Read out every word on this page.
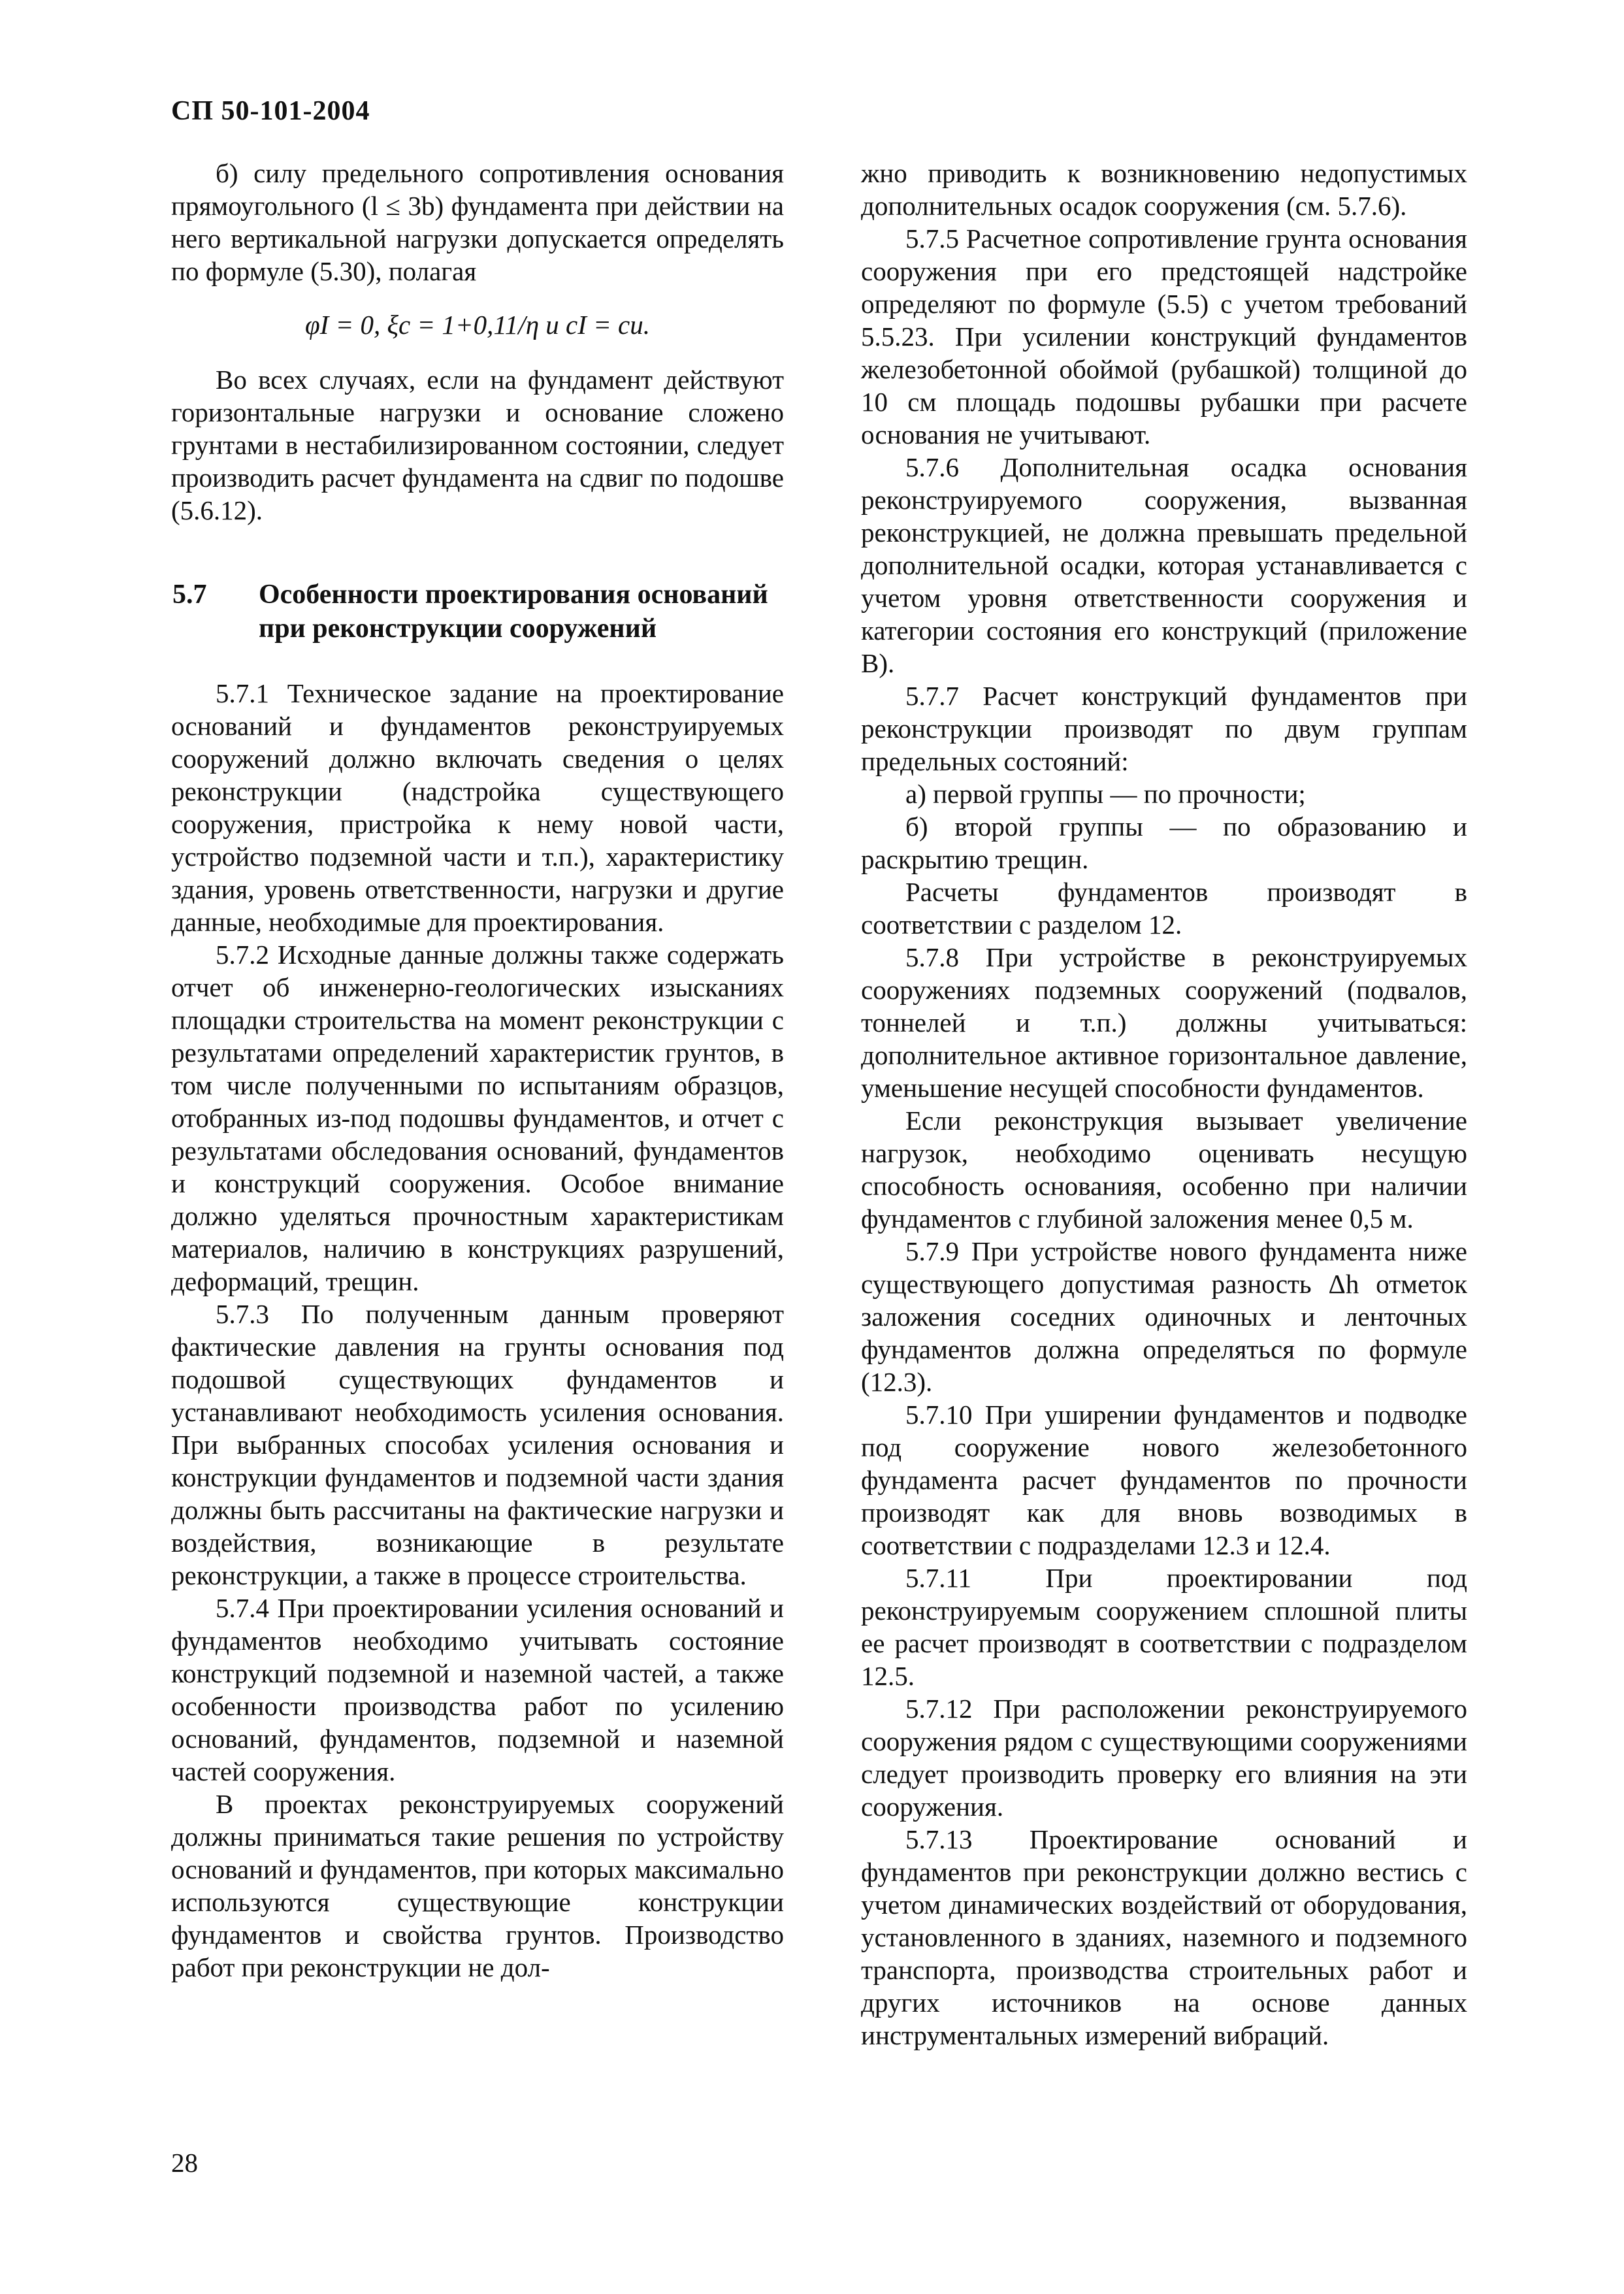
СП 50-101-2004

б) силу предельного сопротивления основания прямоугольного (l ≤ 3b) фундамента при действии на него вертикальной нагрузки допускается определять по формуле (5.30), полагая

φI = 0, ξc = 1+0,11/η и cI = cu.

Во всех случаях, если на фундамент действуют горизонтальные нагрузки и основание сложено грунтами в нестабилизированном состоянии, следует производить расчет фундамента на сдвиг по подошве (5.6.12).

5.7 Особенности проектирования оснований при реконструкции сооружений

5.7.1 Техническое задание на проектирование оснований и фундаментов реконструируемых сооружений должно включать сведения о целях реконструкции (надстройка существующего сооружения, пристройка к нему новой части, устройство подземной части и т.п.), характеристику здания, уровень ответственности, нагрузки и другие данные, необходимые для проектирования.

5.7.2 Исходные данные должны также содержать отчет об инженерно-геологических изысканиях площадки строительства на момент реконструкции с результатами определений характеристик грунтов, в том числе полученными по испытаниям образцов, отобранных из-под подошвы фундаментов, и отчет с результатами обследования оснований, фундаментов и конструкций сооружения. Особое внимание должно уделяться прочностным характеристикам материалов, наличию в конструкциях разрушений, деформаций, трещин.

5.7.3 По полученным данным проверяют фактические давления на грунты основания под подошвой существующих фундаментов и устанавливают необходимость усиления основания. При выбранных способах усиления основания и конструкции фундаментов и подземной части здания должны быть рассчитаны на фактические нагрузки и воздействия, возникающие в результате реконструкции, а также в процессе строительства.

5.7.4 При проектировании усиления оснований и фундаментов необходимо учитывать состояние конструкций подземной и наземной частей, а также особенности производства работ по усилению оснований, фундаментов, подземной и наземной частей сооружения.

В проектах реконструируемых сооружений должны приниматься такие решения по устройству оснований и фундаментов, при которых максимально используются существующие конструкции фундаментов и свойства грунтов. Производство работ при реконструкции не дол-

жно приводить к возникновению недопустимых дополнительных осадок сооружения (см. 5.7.6).

5.7.5 Расчетное сопротивление грунта основания сооружения при его предстоящей надстройке определяют по формуле (5.5) с учетом требований 5.5.23. При усилении конструкций фундаментов железобетонной обоймой (рубашкой) толщиной до 10 см площадь подошвы рубашки при расчете основания не учитывают.

5.7.6 Дополнительная осадка основания реконструируемого сооружения, вызванная реконструкцией, не должна превышать предельной дополнительной осадки, которая устанавливается с учетом уровня ответственности сооружения и категории состояния его конструкций (приложение В).

5.7.7 Расчет конструкций фундаментов при реконструкции производят по двум группам предельных состояний:

а) первой группы — по прочности;

б) второй группы — по образованию и раскрытию трещин.

Расчеты фундаментов производят в соответствии с разделом 12.

5.7.8 При устройстве в реконструируемых сооружениях подземных сооружений (подвалов, тоннелей и т.п.) должны учитываться: дополнительное активное горизонтальное давление, уменьшение несущей способности фундаментов.

Если реконструкция вызывает увеличение нагрузок, необходимо оценивать несущую способность основанияя, особенно при наличии фундаментов с глубиной заложения менее 0,5 м.

5.7.9 При устройстве нового фундамента ниже существующего допустимая разность Δh отметок заложения соседних одиночных и ленточных фундаментов должна определяться по формуле (12.3).

5.7.10 При уширении фундаментов и подводке под сооружение нового железобетонного фундамента расчет фундаментов по прочности производят как для вновь возводимых в соответствии с подразделами 12.3 и 12.4.

5.7.11 При проектировании под реконструируемым сооружением сплошной плиты ее расчет производят в соответствии с подразделом 12.5.

5.7.12 При расположении реконструируемого сооружения рядом с существующими сооружениями следует производить проверку его влияния на эти сооружения.

5.7.13 Проектирование оснований и фундаментов при реконструкции должно вестись с учетом динамических воздействий от оборудования, установленного в зданиях, наземного и подземного транспорта, производства строительных работ и других источников на основе данных инструментальных измерений вибраций.

28
